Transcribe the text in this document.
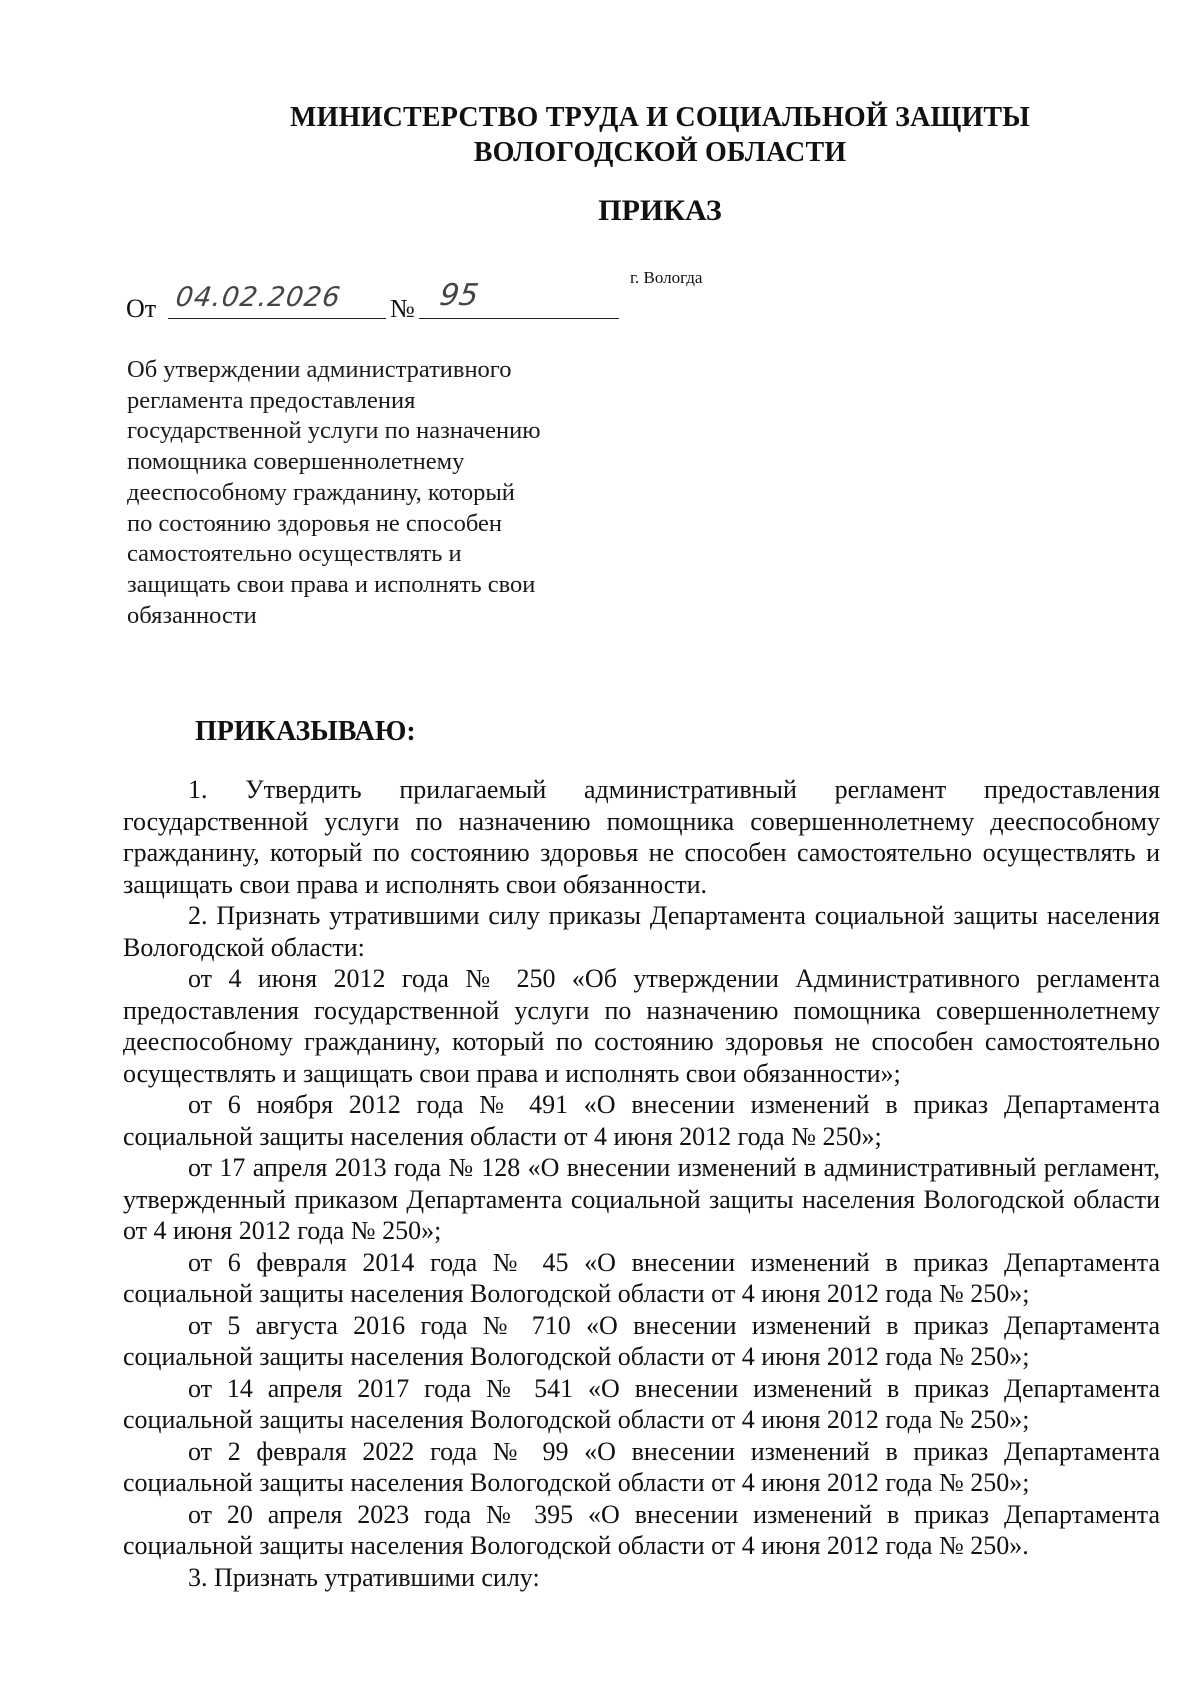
МИНИСТЕРСТВО ТРУДА И СОЦИАЛЬНОЙ ЗАЩИТЫ
ВОЛОГОДСКОЙ ОБЛАСТИ
ПРИКАЗ
г. Вологда
От 04.02.2026 № 95
Об утверждении административного
регламента предоставления
государственной услуги по назначению
помощника совершеннолетнему
дееспособному гражданину, который
по состоянию здоровья не способен
самостоятельно осуществлять и
защищать свои права и исполнять свои
обязанности
ПРИКАЗЫВАЮ:

1. Утвердить прилагаемый административный регламент предоставления государственной услуги по назначению помощника совершеннолетнему дееспособному гражданину, который по состоянию здоровья не способен самостоятельно осуществлять и защищать свои права и исполнять свои обязанности.

2. Признать утратившими силу приказы Департамента социальной защиты населения Вологодской области:

от 4 июня 2012 года № 250 «Об утверждении Административного регламента предоставления государственной услуги по назначению помощника совершеннолетнему дееспособному гражданину, который по состоянию здоровья не способен самостоятельно осуществлять и защищать свои права и исполнять свои обязанности»;

от 6 ноября 2012 года № 491 «О внесении изменений в приказ Департамента социальной защиты населения области от 4 июня 2012 года № 250»;

от 17 апреля 2013 года № 128 «О внесении изменений в административный регламент, утвержденный приказом Департамента социальной защиты населения Вологодской области от 4 июня 2012 года № 250»;

от 6 февраля 2014 года № 45 «О внесении изменений в приказ Департамента социальной защиты населения Вологодской области от 4 июня 2012 года № 250»;

от 5 августа 2016 года № 710 «О внесении изменений в приказ Департамента социальной защиты населения Вологодской области от 4 июня 2012 года № 250»;

от 14 апреля 2017 года № 541 «О внесении изменений в приказ Департамента социальной защиты населения Вологодской области от 4 июня 2012 года № 250»;

от 2 февраля 2022 года № 99 «О внесении изменений в приказ Департамента социальной защиты населения Вологодской области от 4 июня 2012 года № 250»;

от 20 апреля 2023 года № 395 «О внесении изменений в приказ Департамента социальной защиты населения Вологодской области от 4 июня 2012 года № 250».

3. Признать утратившими силу:
